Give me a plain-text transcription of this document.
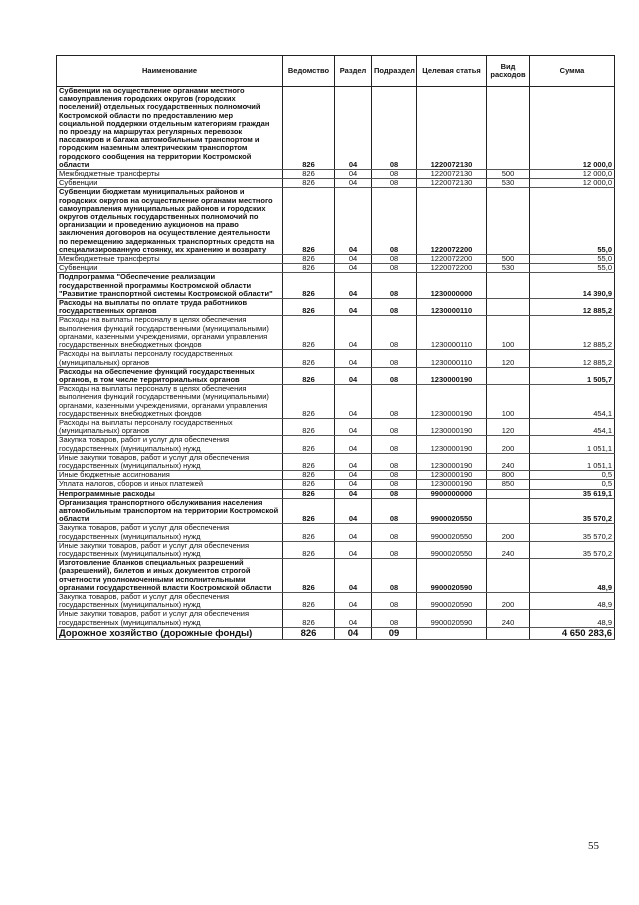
Наименование	Ведомство	Раздел	Подраздел	Целевая статья	Вид расходов	Сумма
Субвенции на осуществление органами местного самоуправления городских округов (городских поселений) отдельных государственных полномочий Костромской области по предоставлению мер социальной поддержки отдельным категориям граждан по проезду на маршрутах регулярных перевозок пассажиров и багажа автомобильным транспортом и городским наземным электрическим транспортом городского сообщения на территории Костромской области	826	04	08	1220072130		12 000,0
Межбюджетные трансферты	826	04	08	1220072130	500	12 000,0
Субвенции	826	04	08	1220072130	530	12 000,0
Субвенции бюджетам муниципальных районов и городских округов на осуществление органами местного самоуправления муниципальных районов и городских округов отдельных государственных полномочий по организации и проведению аукционов на право заключения договоров на осуществление деятельности по перемещению задержанных транспортных средств на специализированную стоянку, их хранению и возврату	826	04	08	1220072200		55,0
Межбюджетные трансферты	826	04	08	1220072200	500	55,0
Субвенции	826	04	08	1220072200	530	55,0
Подпрограмма "Обеспечение реализации государственной программы Костромской области "Развитие транспортной системы Костромской области"	826	04	08	1230000000		14 390,9
Расходы на выплаты по оплате труда работников государственных органов	826	04	08	1230000110		12 885,2
Расходы на выплаты персоналу в целях обеспечения выполнения функций государственными (муниципальными) органами, казенными учреждениями, органами управления государственных внебюджетных фондов	826	04	08	1230000110	100	12 885,2
Расходы на выплаты персоналу государственных (муниципальных) органов	826	04	08	1230000110	120	12 885,2
Расходы на обеспечение функций государственных органов, в том числе территориальных органов	826	04	08	1230000190		1 505,7
Расходы на выплаты персоналу в целях обеспечения выполнения функций государственными (муниципальными) органами, казенными учреждениями, органами управления государственных внебюджетных фондов	826	04	08	1230000190	100	454,1
Расходы на выплаты персоналу государственных (муниципальных) органов	826	04	08	1230000190	120	454,1
Закупка товаров, работ и услуг для обеспечения государственных (муниципальных) нужд	826	04	08	1230000190	200	1 051,1
Иные закупки товаров, работ и услуг для обеспечения государственных (муниципальных) нужд	826	04	08	1230000190	240	1 051,1
Иные бюджетные ассигнования	826	04	08	1230000190	800	0,5
Уплата налогов, сборов и иных платежей	826	04	08	1230000190	850	0,5
Непрограммные расходы	826	04	08	9900000000		35 619,1
Организация транспортного обслуживания населения автомобильным транспортом на территории Костромской области	826	04	08	9900020550		35 570,2
Закупка товаров, работ и услуг для обеспечения государственных (муниципальных) нужд	826	04	08	9900020550	200	35 570,2
Иные закупки товаров, работ и услуг для обеспечения государственных (муниципальных) нужд	826	04	08	9900020550	240	35 570,2
Изготовление бланков специальных разрешений (разрешений), билетов и иных документов строгой отчетности уполномоченными исполнительными органами государственной власти Костромской области	826	04	08	9900020590		48,9
Закупка товаров, работ и услуг для обеспечения государственных (муниципальных) нужд	826	04	08	9900020590	200	48,9
Иные закупки товаров, работ и услуг для обеспечения государственных (муниципальных) нужд	826	04	08	9900020590	240	48,9
Дорожное хозяйство (дорожные фонды)	826	04	09			4 650 283,6
55
